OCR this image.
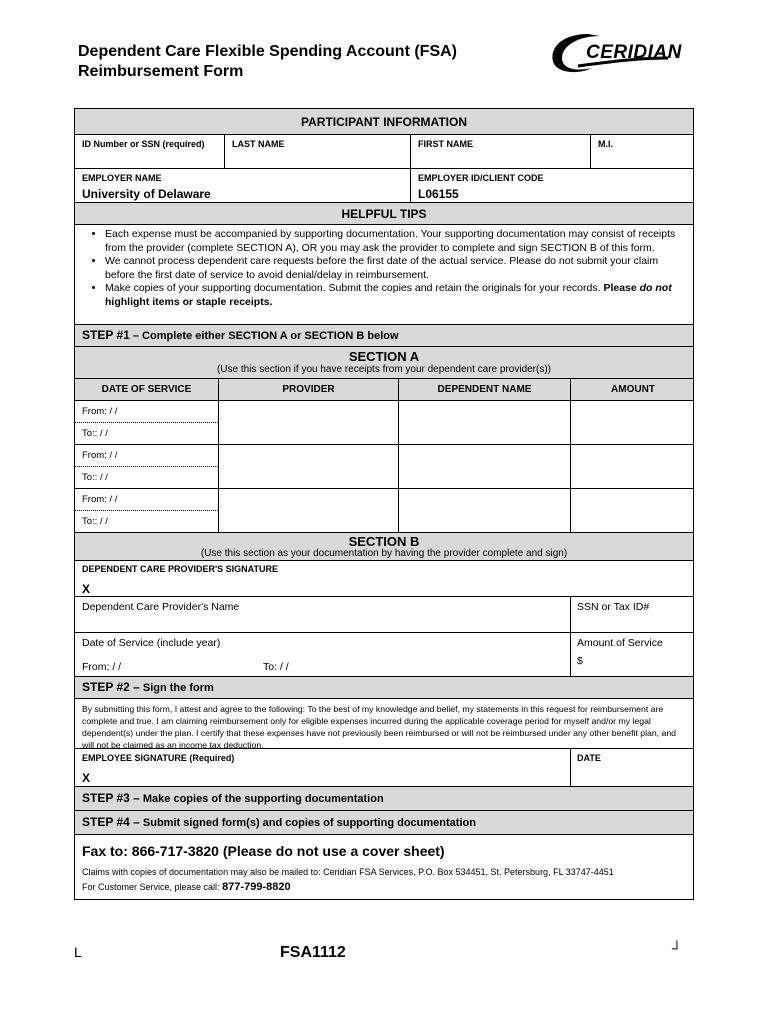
Dependent Care Flexible Spending Account (FSA)
Reimbursement Form
CERIDIAN
PARTICIPANT INFORMATION
ID Number or SSN (required)	LAST NAME	FIRST NAME	M.I.
EMPLOYER NAME
University of Delaware
EMPLOYER ID/CLIENT CODE
L06155
HELPFUL TIPS
• Each expense must be accompanied by supporting documentation. Your supporting documentation may consist of receipts from the provider (complete SECTION A), OR you may ask the provider to complete and sign SECTION B of this form.
• We cannot process dependent care requests before the first date of the actual service. Please do not submit your claim before the first date of service to avoid denial/delay in reimbursement.
• Make copies of your supporting documentation. Submit the copies and retain the originals for your records. Please do not highlight items or staple receipts.
STEP #1 – Complete either SECTION A or SECTION B below
SECTION A
(Use this section if you have receipts from your dependent care provider(s))
DATE OF SERVICE	PROVIDER	DEPENDENT NAME	AMOUNT
From: / /
To:: / /
From: / /
To:: / /
From: / /
To:: / /
SECTION B
(Use this section as your documentation by having the provider complete and sign)
DEPENDENT CARE PROVIDER'S SIGNATURE
X
Dependent Care Provider's Name	SSN or Tax ID#
Date of Service (include year)
From: / /	To: / /
Amount of Service
$
STEP #2 – Sign the form
By submitting this form, I attest and agree to the following: To the best of my knowledge and belief, my statements in this request for reimbursement are complete and true. I am claiming reimbursement only for eligible expenses incurred during the applicable coverage period for myself and/or my legal dependent(s) under the plan. I certify that these expenses have not previously been reimbursed or will not be reimbursed under any other benefit plan, and will not be claimed as an income tax deduction.
EMPLOYEE SIGNATURE (Required)
X
DATE
STEP #3 – Make copies of the supporting documentation
STEP #4 – Submit signed form(s) and copies of supporting documentation
Fax to: 866-717-3820 (Please do not use a cover sheet)
Claims with copies of documentation may also be mailed to: Ceridian FSA Services, P.O. Box 534451, St. Petersburg, FL 33747-4451
For Customer Service, please call: 877-799-8820
L	FSA1112	┘
